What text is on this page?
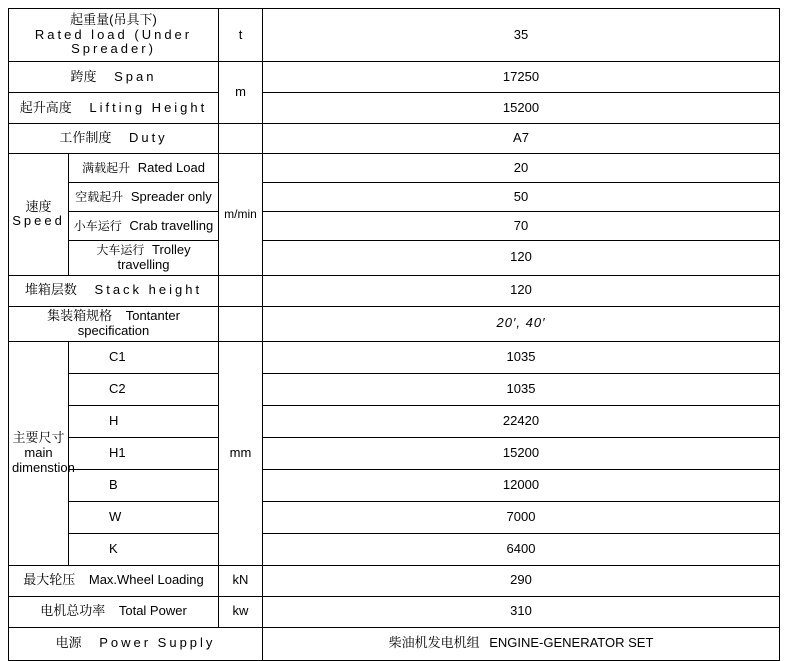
起重量(吊具下)
Rated load (Under Spreader)		t	35
跨度 Span		m	17250
起升高度 Lifting Height			15200
工作制度 Duty			A7

速度
Speed	满载起升 Rated Load	m/min	20
	空载起升 Spreader only		50
	小车运行 Crab travelling		70
	大车运行 Trolley travelling		120
堆箱层数 Stack height			120
集装箱规格 Tontanter specification			20′, 40′

主要尺寸
main
dimenstion	C1	mm	1035
	C2		1035
	H		22420
	H1		15200
	B		12000
	W		7000
	K		6400
最大轮压 Max.Wheel Loading		kN	290
电机总功率 Total Power		kw	310
电源 Power Supply			柴油机发电机组 ENGINE-GENERATOR SET
